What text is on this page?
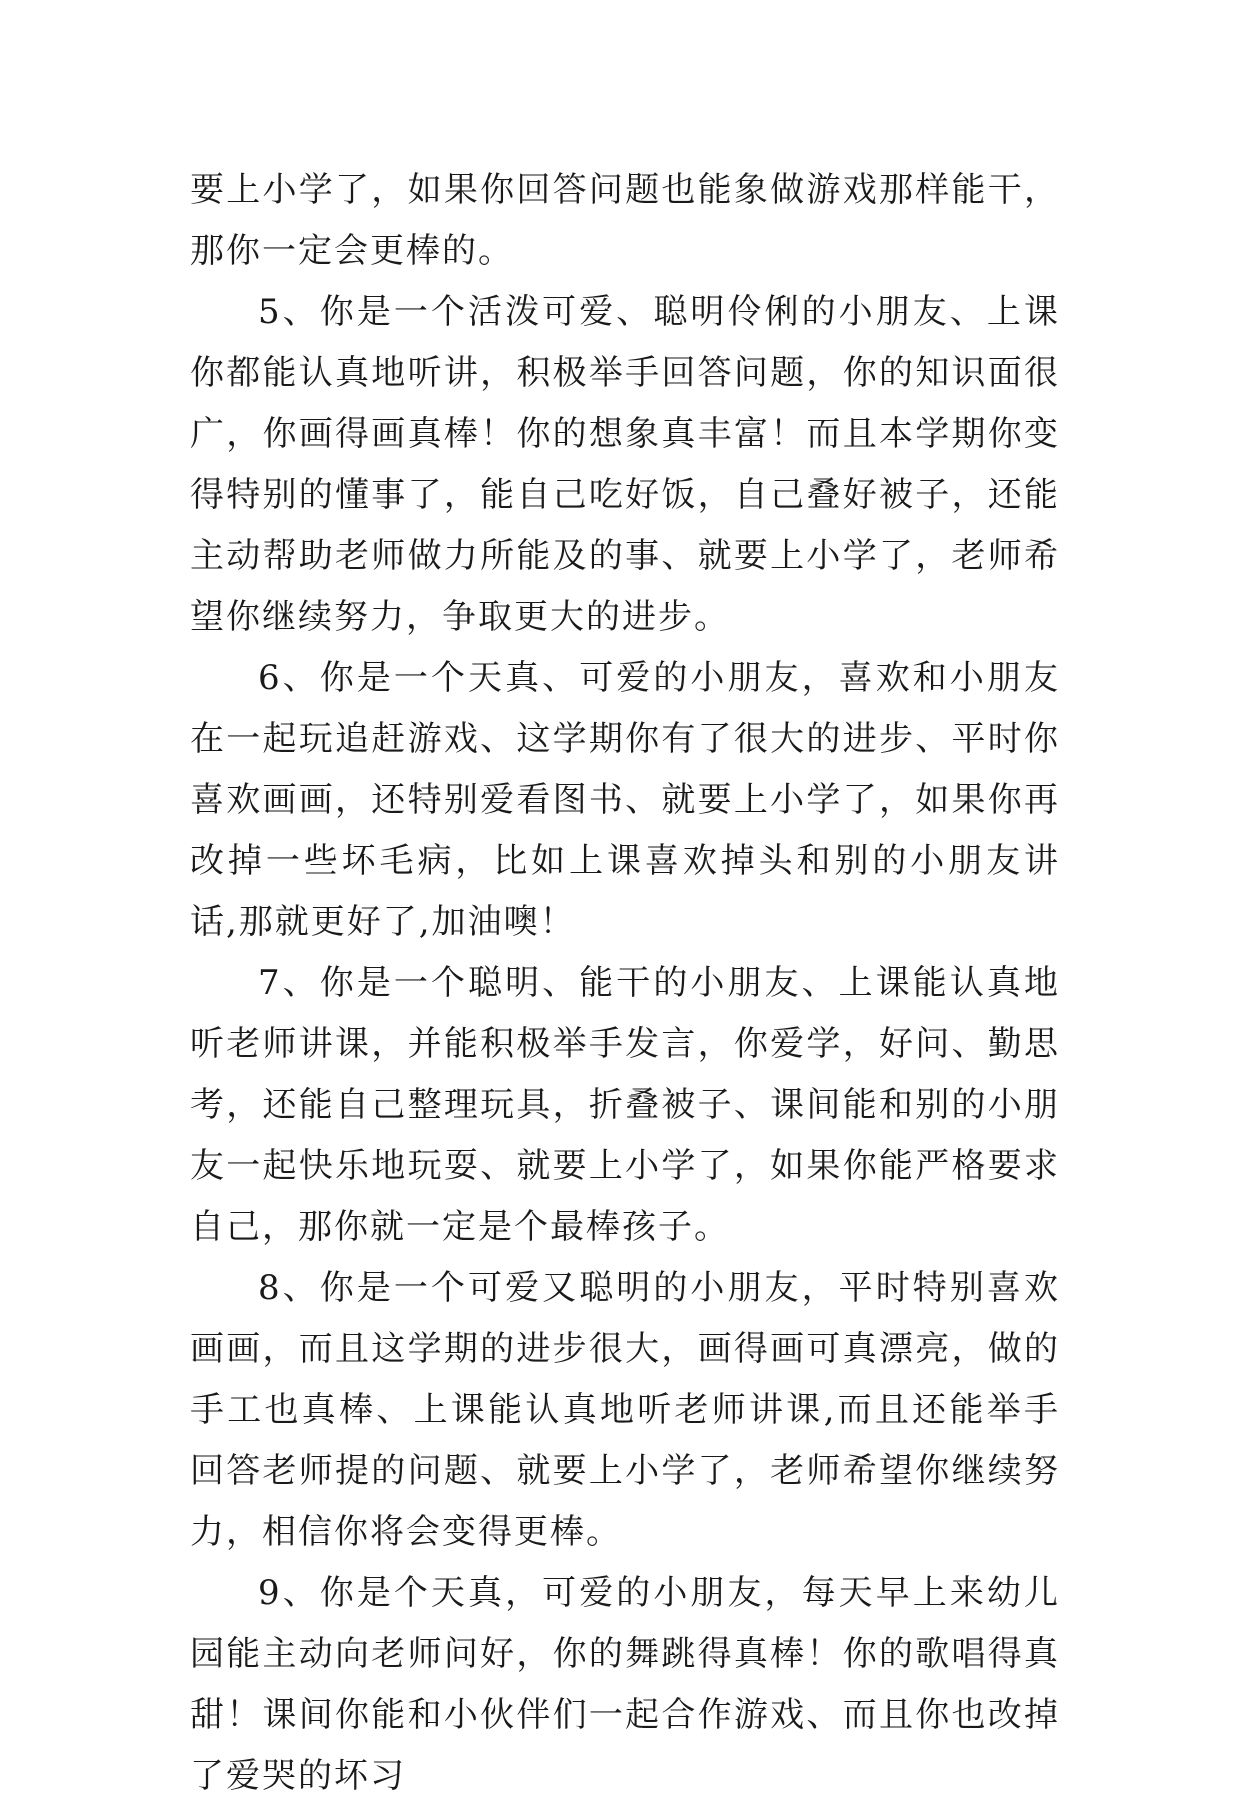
要上小学了，如果你回答问题也能象做游戏那样能干，那你一定会更棒的。

5、你是一个活泼可爱、聪明伶俐的小朋友、上课你都能认真地听讲，积极举手回答问题，你的知识面很广，你画得画真棒！你的想象真丰富！而且本学期你变得特别的懂事了，能自己吃好饭，自己叠好被子，还能主动帮助老师做力所能及的事、就要上小学了，老师希望你继续努力，争取更大的进步。

6、你是一个天真、可爱的小朋友，喜欢和小朋友在一起玩追赶游戏、这学期你有了很大的进步、平时你喜欢画画，还特别爱看图书、就要上小学了，如果你再改掉一些坏毛病，比如上课喜欢掉头和别的小朋友讲话,那就更好了,加油噢！

7、你是一个聪明、能干的小朋友、上课能认真地听老师讲课，并能积极举手发言，你爱学，好问、勤思考，还能自己整理玩具，折叠被子、课间能和别的小朋友一起快乐地玩耍、就要上小学了，如果你能严格要求自己，那你就一定是个最棒孩子。

8、你是一个可爱又聪明的小朋友，平时特别喜欢画画，而且这学期的进步很大，画得画可真漂亮，做的手工也真棒、上课能认真地听老师讲课,而且还能举手回答老师提的问题、就要上小学了，老师希望你继续努力，相信你将会变得更棒。

9、你是个天真，可爱的小朋友，每天早上来幼儿园能主动向老师问好，你的舞跳得真棒！你的歌唱得真甜！课间你能和小伙伴们一起合作游戏、而且你也改掉了爱哭的坏习
